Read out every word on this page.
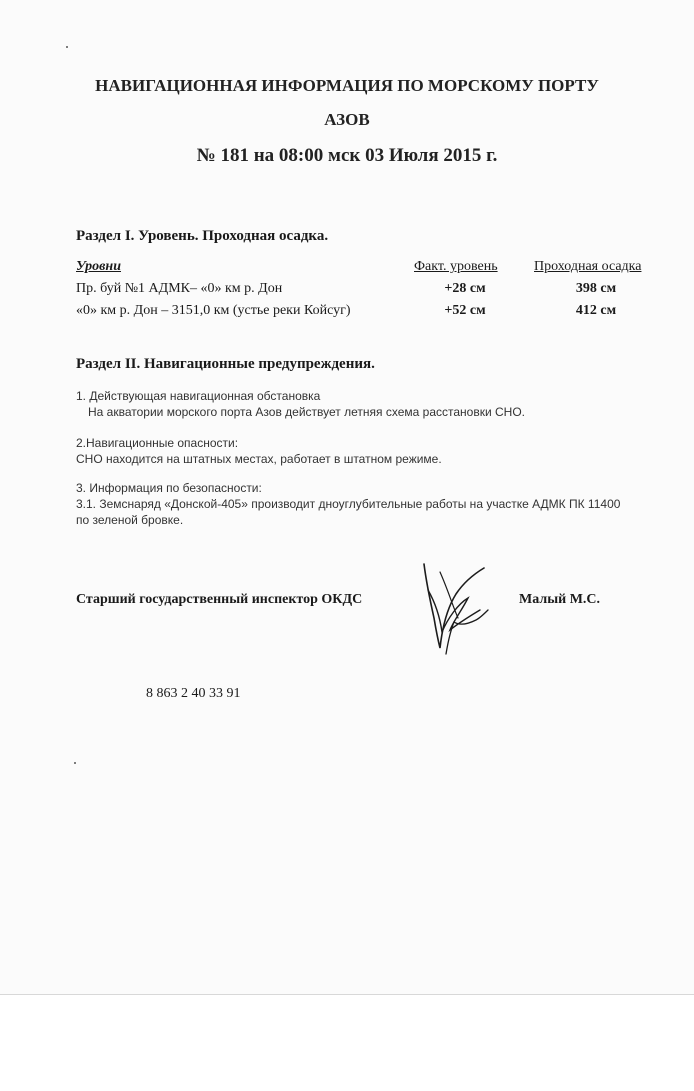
НАВИГАЦИОННАЯ ИНФОРМАЦИЯ ПО МОРСКОМУ ПОРТУ
АЗОВ
№ 181 на 08:00 мск 03 Июля 2015 г.
Раздел I. Уровень. Проходная осадка.
Уровни	Факт. уровень	Проходная осадка
Пр. буй №1 АДМК– «0» км р. Дон	+28 см	398 см
«0» км р. Дон – 3151,0 км (устье реки Койсуг)	+52 см	412 см
Раздел II. Навигационные предупреждения.
1. Действующая навигационная обстановка
На акватории морского порта Азов действует летняя схема расстановки СНО.
2.Навигационные опасности:
СНО находится на штатных местах, работает в штатном режиме.
3. Информация по безопасности:
3.1. Земснаряд «Донской-405» производит дноуглубительные работы на участке АДМК ПК 11400
по зеленой бровке.
Старший государственный инспектор ОКДС	Малый М.С.
8 863 2 40 33 91
